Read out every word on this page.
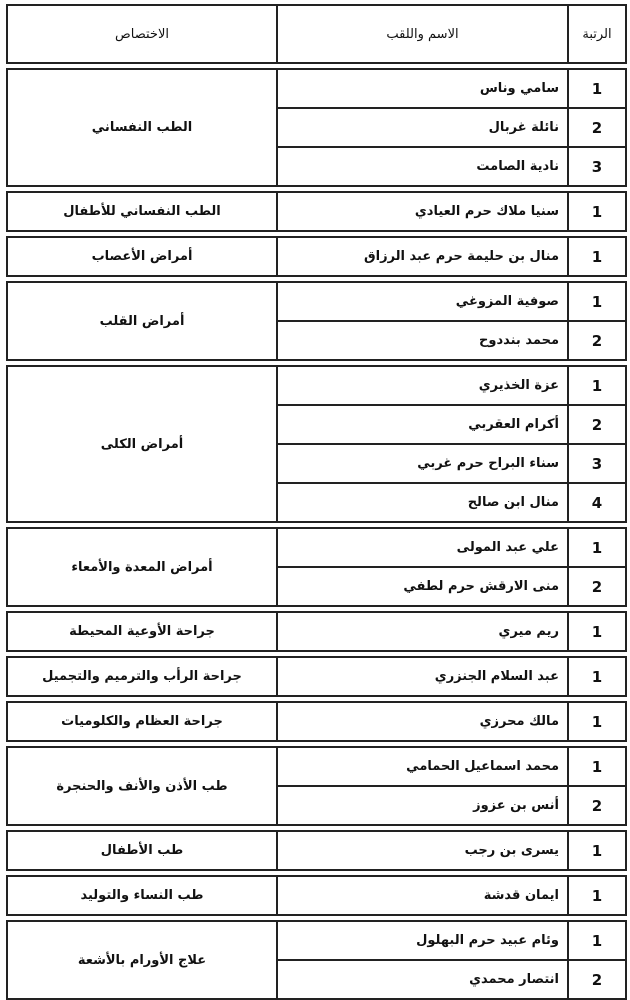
الرتبة	الاسم واللقب	الاختصاص

1	سامي وناس	الطب النفساني
2	نائلة غربال	
3	نادية الصامت	

1	سنيا ملاك حرم العيادي	الطب النفساني للأطفال

1	منال بن حليمة حرم عبد الرزاق	أمراض الأعصاب

1	صوفية المزوغي	أمراض القلب
2	محمد بنددوح	

1	عزة الخذيري	أمراض الكلى
2	أكرام العقربي	
3	سناء البراح حرم غربي	
4	منال ابن صالح	

1	علي عبد المولى	أمراض المعدة والأمعاء
2	منى الارقش حرم لطفي	

1	ريم ميري	جراحة الأوعية المحيطة

1	عبد السلام الجنزري	جراحة الرأب والترميم والتجميل

1	مالك محرزي	جراحة العظام والكلوميات

1	محمد اسماعيل الحمامي	طب الأذن والأنف والحنجرة
2	أنس بن عزوز	

1	يسرى بن رجب	طب الأطفال

1	ايمان قدشة	طب النساء والتوليد

1	وئام عبيد حرم البهلول	علاج الأورام بالأشعة
2	انتصار محمدي	
